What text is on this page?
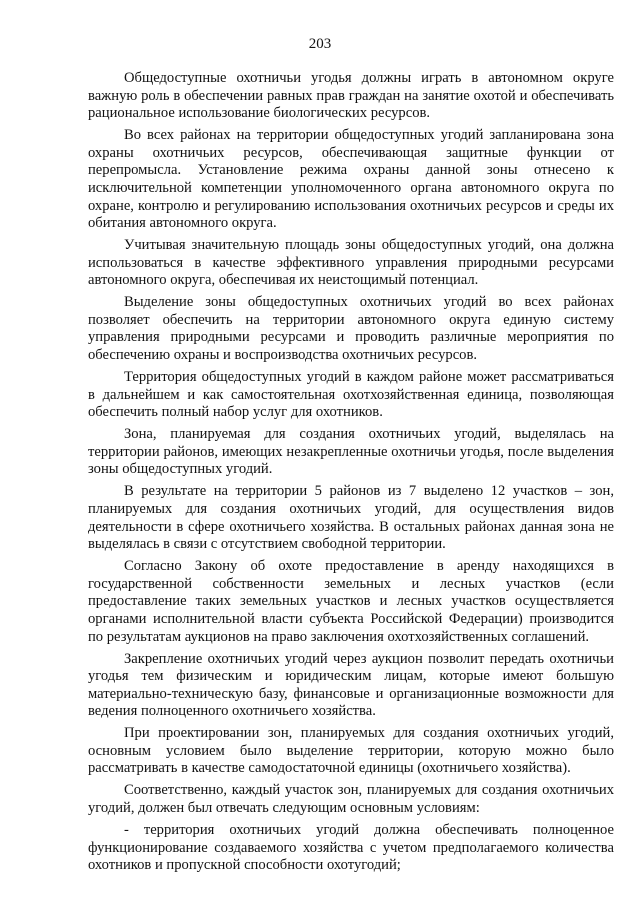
203

Общедоступные охотничьи угодья должны играть в автономном округе важную роль в обеспечении равных прав граждан на занятие охотой и обеспечивать рациональное использование биологических ресурсов.

Во всех районах на территории общедоступных угодий запланирована зона охраны охотничьих ресурсов, обеспечивающая защитные функции от перепромысла. Установление режима охраны данной зоны отнесено к исключительной компетенции уполномоченного органа автономного округа по охране, контролю и регулированию использования охотничьих ресурсов и среды их обитания автономного округа.

Учитывая значительную площадь зоны общедоступных угодий, она должна использоваться в качестве эффективного управления природными ресурсами автономного округа, обеспечивая их неистощимый потенциал.

Выделение зоны общедоступных охотничьих угодий во всех районах позволяет обеспечить на территории автономного округа единую систему управления природными ресурсами и проводить различные мероприятия по обеспечению охраны и воспроизводства охотничьих ресурсов.

Территория общедоступных угодий в каждом районе может рассматриваться в дальнейшем и как самостоятельная охотхозяйственная единица, позволяющая обеспечить полный набор услуг для охотников.

Зона, планируемая для создания охотничьих угодий, выделялась на территории районов, имеющих незакрепленные охотничьи угодья, после выделения зоны общедоступных угодий.

В результате на территории 5 районов из 7 выделено 12 участков – зон, планируемых для создания охотничьих угодий, для осуществления видов деятельности в сфере охотничьего хозяйства. В остальных районах данная зона не выделялась в связи с отсутствием свободной территории.

Согласно Закону об охоте предоставление в аренду находящихся в государственной собственности земельных и лесных участков (если предоставление таких земельных участков и лесных участков осуществляется органами исполнительной власти субъекта Российской Федерации) производится по результатам аукционов на право заключения охотхозяйственных соглашений.

Закрепление охотничьих угодий через аукцион позволит передать охотничьи угодья тем физическим и юридическим лицам, которые имеют большую материально-техническую базу, финансовые и организационные возможности для ведения полноценного охотничьего хозяйства.

При проектировании зон, планируемых для создания охотничьих угодий, основным условием было выделение территории, которую можно было рассматривать в качестве самодостаточной единицы (охотничьего хозяйства).

Соответственно, каждый участок зон, планируемых для создания охотничьих угодий, должен был отвечать следующим основным условиям:

- территория охотничьих угодий должна обеспечивать полноценное функционирование создаваемого хозяйства с учетом предполагаемого количества охотников и пропускной способности охотугодий;
